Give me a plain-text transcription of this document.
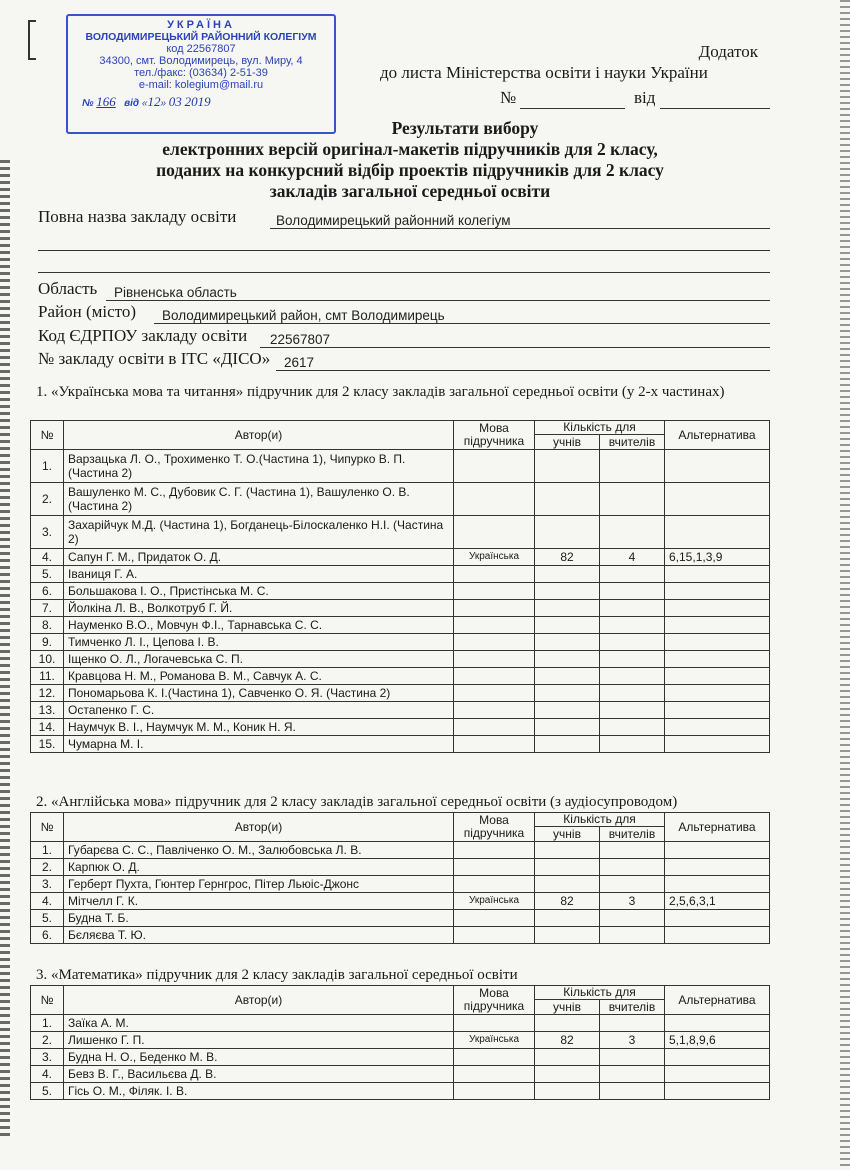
УКРАЇНА
ВОЛОДИМИРЕЦЬКИЙ РАЙОННИЙ КОЛЕГІУМ
код 22567807
34300, смт. Володимирець, вул. Миру, 4
тел./факс: (03634) 2-51-39
e-mail: kolegium@mail.ru
№ 166 від «12» 03 2019
Додаток
до листа Міністерства освіти і науки України
№	від
Результати вибору
електронних версій оригінал-макетів підручників для 2 класу,
поданих на конкурсний відбір проектів підручників для 2 класу
закладів загальної середньої освіти
Повна назва закладу освіти	Володимирецький районний колегіум
Область Рівненська область
Район (місто) Володимирецький район, смт Володимирець
Код ЄДРПОУ закладу освіти 22567807
№ закладу освіти в ІТС «ДІСО» 2617
1. «Українська мова та читання» підручник для 2 класу закладів загальної середньої освіти (у 2-х частинах)
№	Автор(и)	Мова підручника	Кількість для		Альтернатива
			учнів	вчителів	
1.	Варзацька Л. О., Трохименко Т. О.(Частина 1), Чипурко В. П. (Частина 2)				
2.	Вашуленко М. С., Дубовик С. Г. (Частина 1), Вашуленко О. В. (Частина 2)				
3.	Захарійчук М.Д. (Частина 1), Богданець-Білоскаленко Н.І. (Частина 2)				
4.	Сапун Г. М., Придаток О. Д.	Українська	82	4	6,15,1,3,9
5.	Іваниця Г. А.				
6.	Большакова І. О., Пристінська М. С.				
7.	Йолкіна Л. В., Волкотруб Г. Й.				
8.	Науменко В.О., Мовчун Ф.І., Тарнавська С. С.				
9.	Тимченко Л. І., Цепова І. В.				
10.	Іщенко О. Л., Логачевська С. П.				
11.	Кравцова Н. М., Романова В. М., Савчук А. С.				
12.	Пономарьова К. І.(Частина 1), Савченко О. Я. (Частина 2)				
13.	Остапенко Г. С.				
14.	Наумчук В. І., Наумчук М. М., Коник Н. Я.				
15.	Чумарна М. І.				
2. «Англійська мова» підручник для 2 класу закладів загальної середньої освіти (з аудіосупроводом)
№	Автор(и)	Мова підручника	Кількість для		Альтернатива
			учнів	вчителів	
1.	Губарєва С. С., Павліченко О. М., Залюбовська Л. В.				
2.	Карпюк О. Д.				
3.	Герберт Пухта, Гюнтер Гернгрос, Пітер Льюіс-Джонс				
4.	Мітчелл Г. К.	Українська	82	3	2,5,6,3,1
5.	Будна Т. Б.				
6.	Бєляєва Т. Ю.				
3. «Математика» підручник для 2 класу закладів загальної середньої освіти
№	Автор(и)	Мова підручника	Кількість для		Альтернатива
			учнів	вчителів	
1.	Заїка А. М.				
2.	Лишенко Г. П.	Українська	82	3	5,1,8,9,6
3.	Будна Н. О., Беденко М. В.				
4.	Бевз В. Г., Васильєва Д. В.				
5.	Гісь О. М., Філяк. І. В.				
